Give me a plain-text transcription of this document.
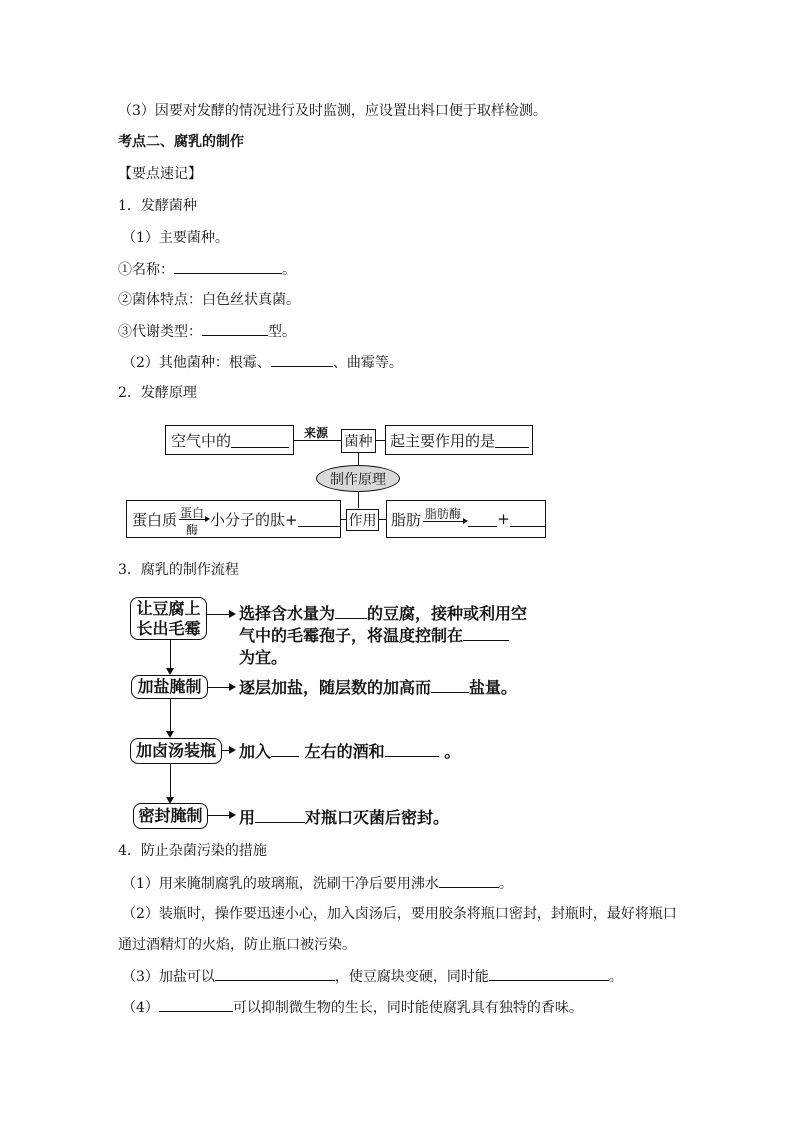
（3）因要对发酵的情况进行及时监测，应设置出料口便于取样检测。
考点二、腐乳的制作
【要点速记】
1．发酵菌种
（1）主要菌种。
①名称：	。
②菌体特点：白色丝状真菌。
③代谢类型：	型。
（2）其他菌种：根霉、	、曲霉等。
2．发酵原理
空气中的	来源
菌种 起主要作用的是
制作原理
蛋白质 蛋白
酶
小分子的肽+	作用 脂肪 脂肪酶 +
3．腐乳的制作流程
让豆腐上
长出毛霉
选择含水量为 的豆腐，接种或利用空
气中的毛霉孢子，将温度控制在
为宜。
加盐腌制 逐层加盐，随层数的加高而 盐量。
加卤汤装瓶 加入 左右的酒和	。
密封腌制 用	对瓶口灭菌后密封。
4．防止杂菌污染的措施
（1）用来腌制腐乳的玻璃瓶，洗刷干净后要用沸水	。
（2）装瓶时，操作要迅速小心，加入卤汤后，要用胶条将瓶口密封，封瓶时，最好将瓶口
通过酒精灯的火焰，防止瓶口被污染。
（3）加盐可以	，使豆腐块变硬，同时能	。
（4）	可以抑制微生物的生长，同时能使腐乳具有独特的香味。
